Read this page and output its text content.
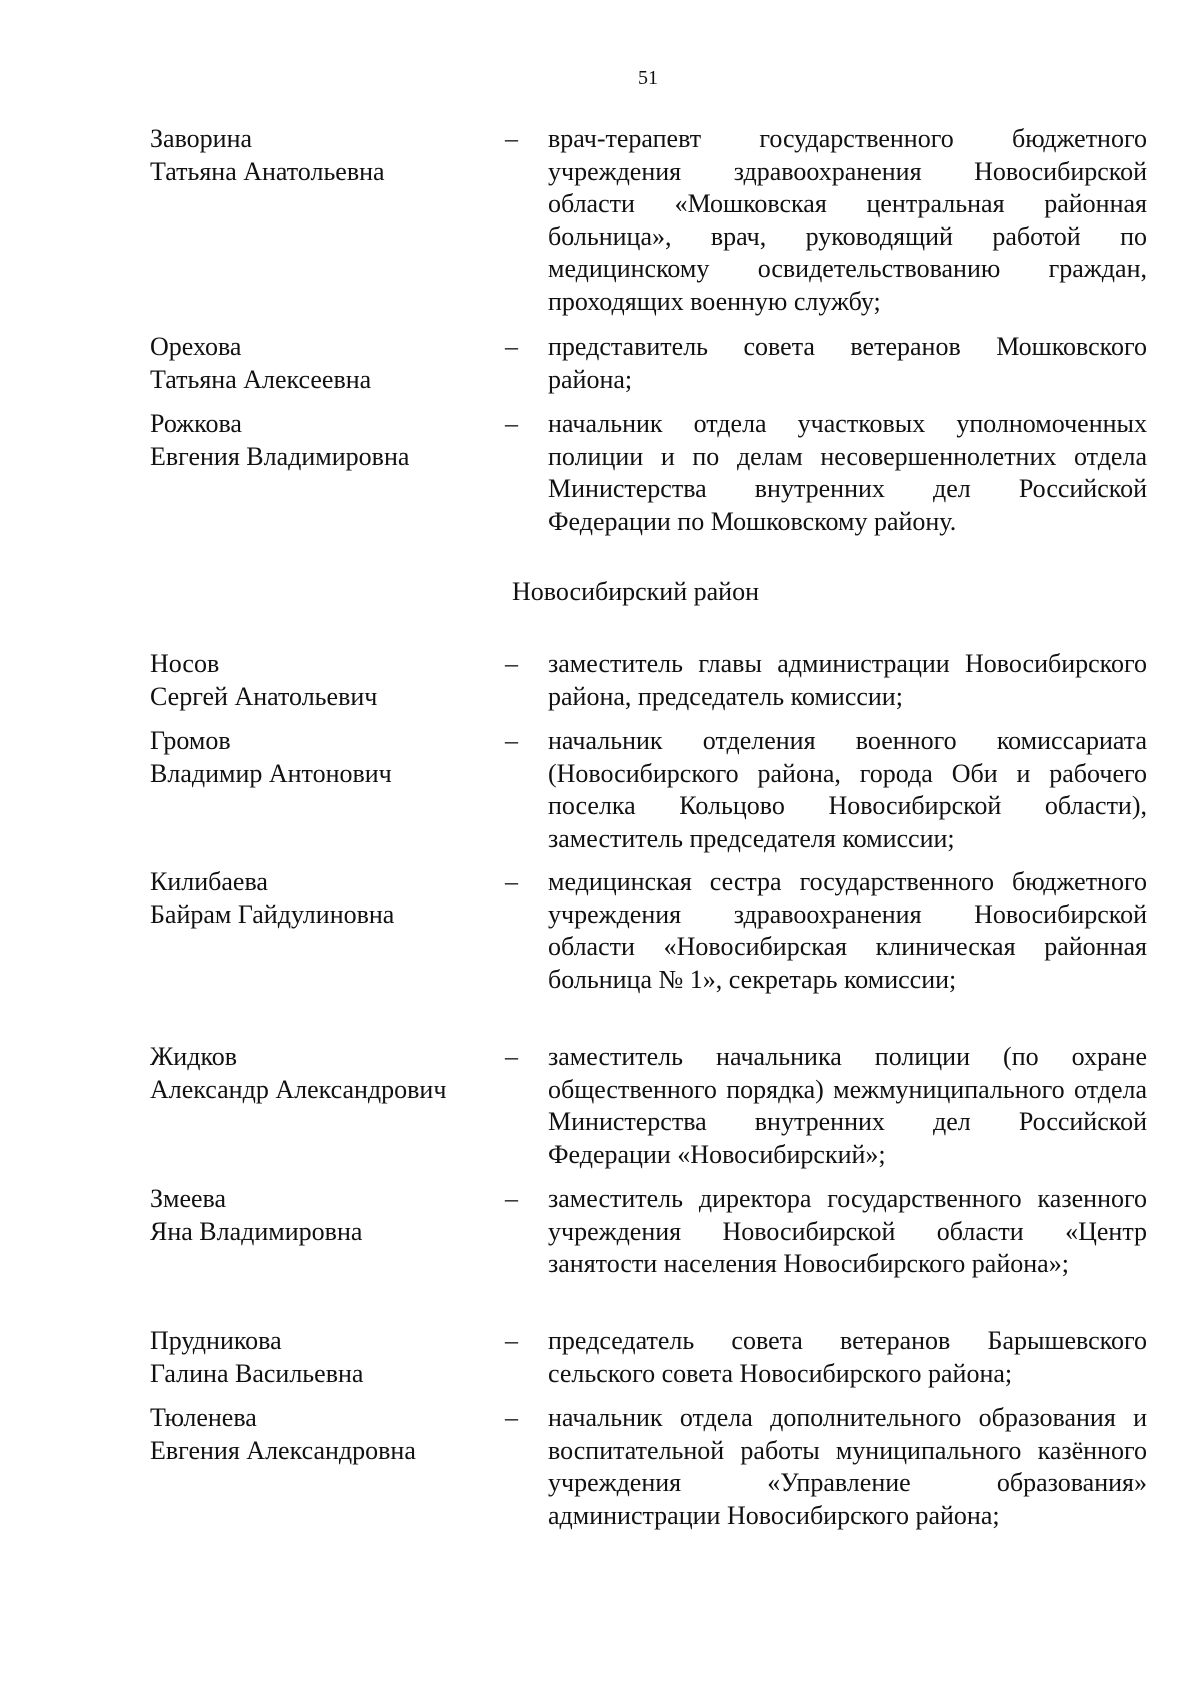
51
Заворина
Татьяна Анатольевна
– врач-терапевт государственного бюджетного учреждения здравоохранения Новосибирской области «Мошковская центральная районная больница», врач, руководящий работой по медицинскому освидетельствованию граждан, проходящих военную службу;
Орехова
Татьяна Алексеевна
– представитель совета ветеранов Мошковского района;
Рожкова
Евгения Владимировна
– начальник отдела участковых уполномоченных полиции и по делам несовершеннолетних отдела Министерства внутренних дел Российской Федерации по Мошковскому району.
Новосибирский район
Носов
Сергей Анатольевич
– заместитель главы администрации Новосибирского района, председатель комиссии;
Громов
Владимир Антонович
– начальник отделения военного комиссариата (Новосибирского района, города Оби и рабочего поселка Кольцово Новосибирской области), заместитель председателя комиссии;
Килибаева
Байрам Гайдулиновна
– медицинская сестра государственного бюджетного учреждения здравоохранения Новосибирской области «Новосибирская клиническая районная больница № 1», секретарь комиссии;
Жидков
Александр Александрович
– заместитель начальника полиции (по охране общественного порядка) межмуниципального отдела Министерства внутренних дел Российской Федерации «Новосибирский»;
Змеева
Яна Владимировна
– заместитель директора государственного казенного учреждения Новосибирской области «Центр занятости населения Новосибирского района»;
Прудникова
Галина Васильевна
– председатель совета ветеранов Барышевского сельского совета Новосибирского района;
Тюленева
Евгения Александровна
– начальник отдела дополнительного образования и воспитательной работы муниципального казённого учреждения «Управление образования» администрации Новосибирского района;
